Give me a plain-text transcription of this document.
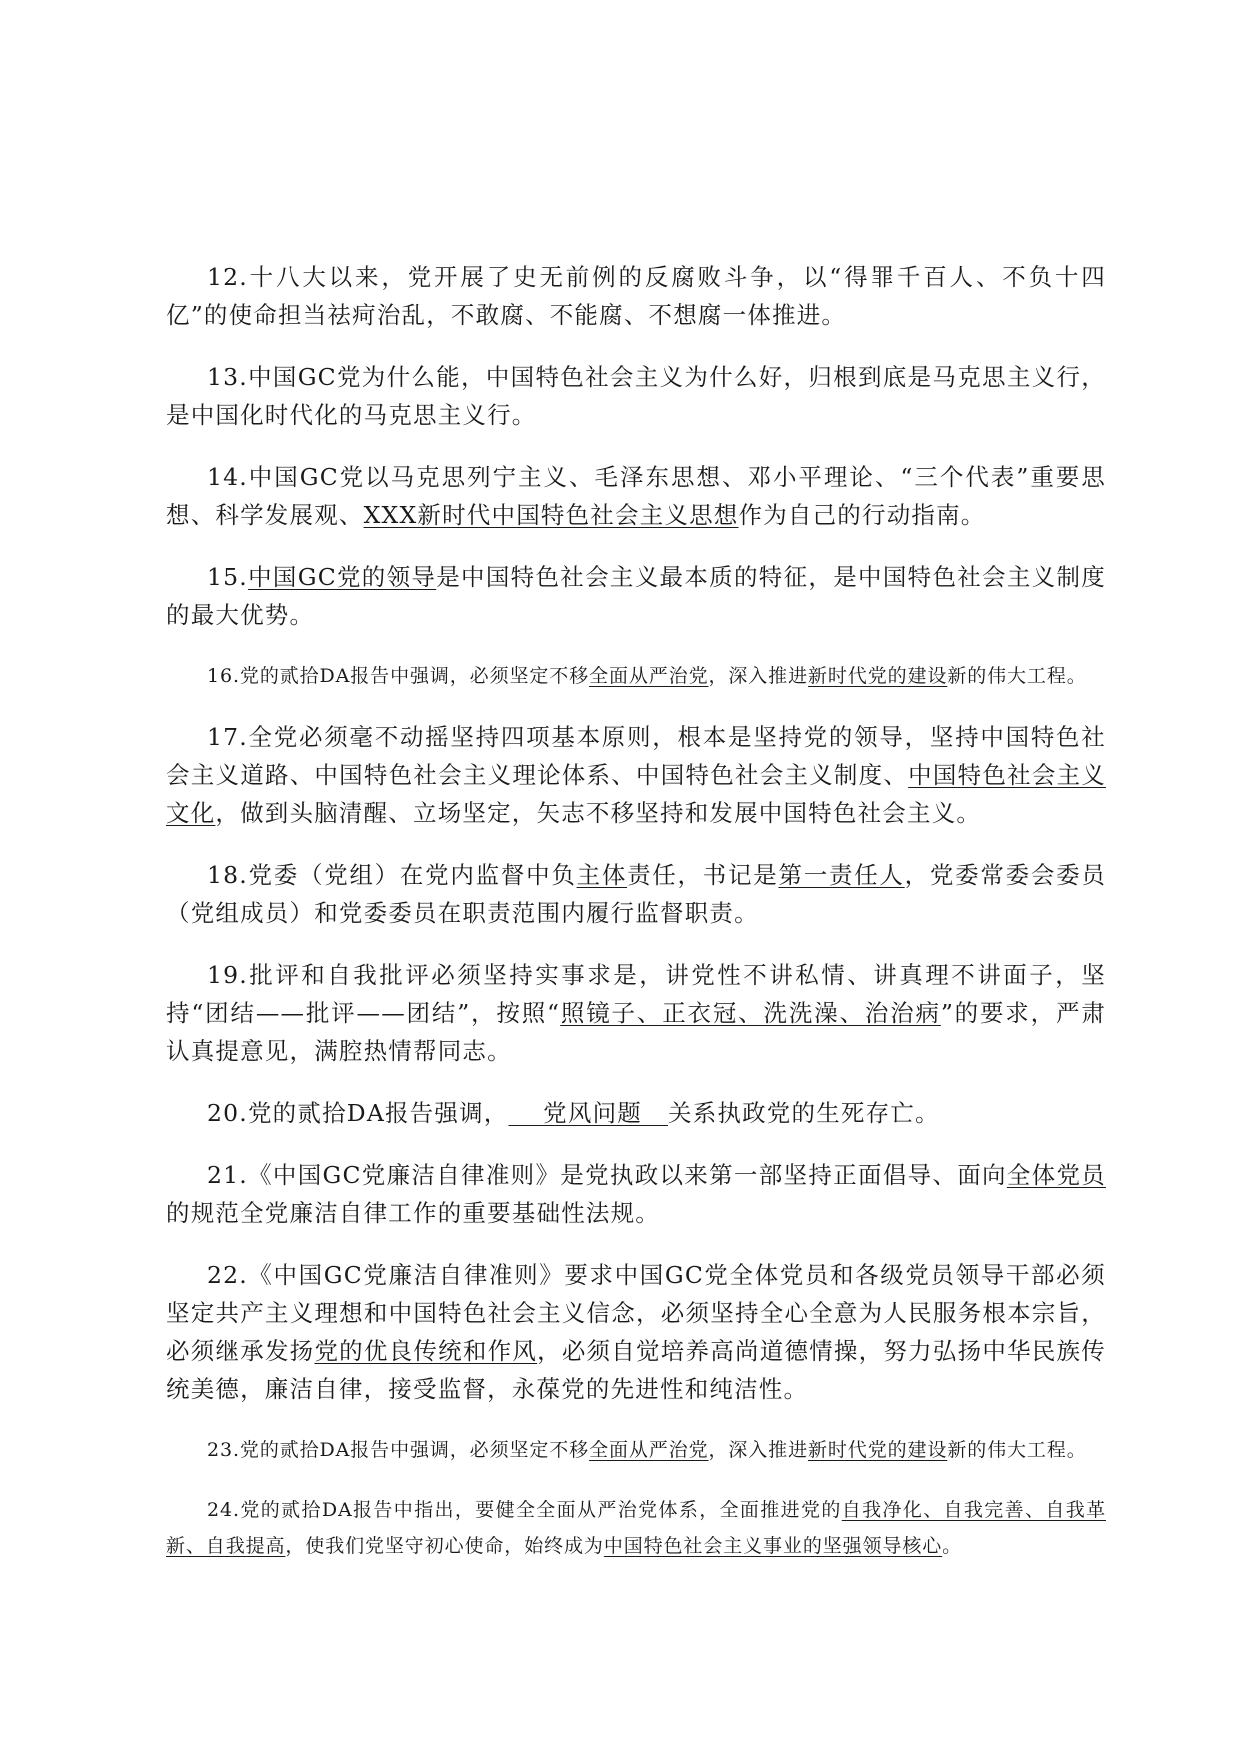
12.十八大以来，党开展了史无前例的反腐败斗争，以“得罪千百人、不负十四亿”的使命担当祛疴治乱，不敢腐、不能腐、不想腐一体推进。

13.中国GC党为什么能，中国特色社会主义为什么好，归根到底是马克思主义行，是中国化时代化的马克思主义行。

14.中国GC党以马克思列宁主义、毛泽东思想、邓小平理论、“三个代表”重要思想、科学发展观、XXX新时代中国特色社会主义思想作为自己的行动指南。

15.中国GC党的领导是中国特色社会主义最本质的特征，是中国特色社会主义制度的最大优势。

16.党的贰拾DA报告中强调，必须坚定不移全面从严治党，深入推进新时代党的建设新的伟大工程。

17.全党必须毫不动摇坚持四项基本原则，根本是坚持党的领导，坚持中国特色社会主义道路、中国特色社会主义理论体系、中国特色社会主义制度、中国特色社会主义文化，做到头脑清醒、立场坚定，矢志不移坚持和发展中国特色社会主义。

18.党委（党组）在党内监督中负主体责任，书记是第一责任人，党委常委会委员（党组成员）和党委委员在职责范围内履行监督职责。

19.批评和自我批评必须坚持实事求是，讲党性不讲私情、讲真理不讲面子，坚持“团结——批评——团结”，按照“照镜子、正衣冠、洗洗澡、治治病”的要求，严肃认真提意见，满腔热情帮同志。

20.党的贰拾DA报告强调，    党风问题   关系执政党的生死存亡。

21.《中国GC党廉洁自律准则》是党执政以来第一部坚持正面倡导、面向全体党员的规范全党廉洁自律工作的重要基础性法规。

22.《中国GC党廉洁自律准则》要求中国GC党全体党员和各级党员领导干部必须坚定共产主义理想和中国特色社会主义信念，必须坚持全心全意为人民服务根本宗旨，必须继承发扬党的优良传统和作风，必须自觉培养高尚道德情操，努力弘扬中华民族传统美德，廉洁自律，接受监督，永葆党的先进性和纯洁性。

23.党的贰拾DA报告中强调，必须坚定不移全面从严治党，深入推进新时代党的建设新的伟大工程。

24.党的贰拾DA报告中指出，要健全全面从严治党体系，全面推进党的自我净化、自我完善、自我革新、自我提高，使我们党坚守初心使命，始终成为中国特色社会主义事业的坚强领导核心。
